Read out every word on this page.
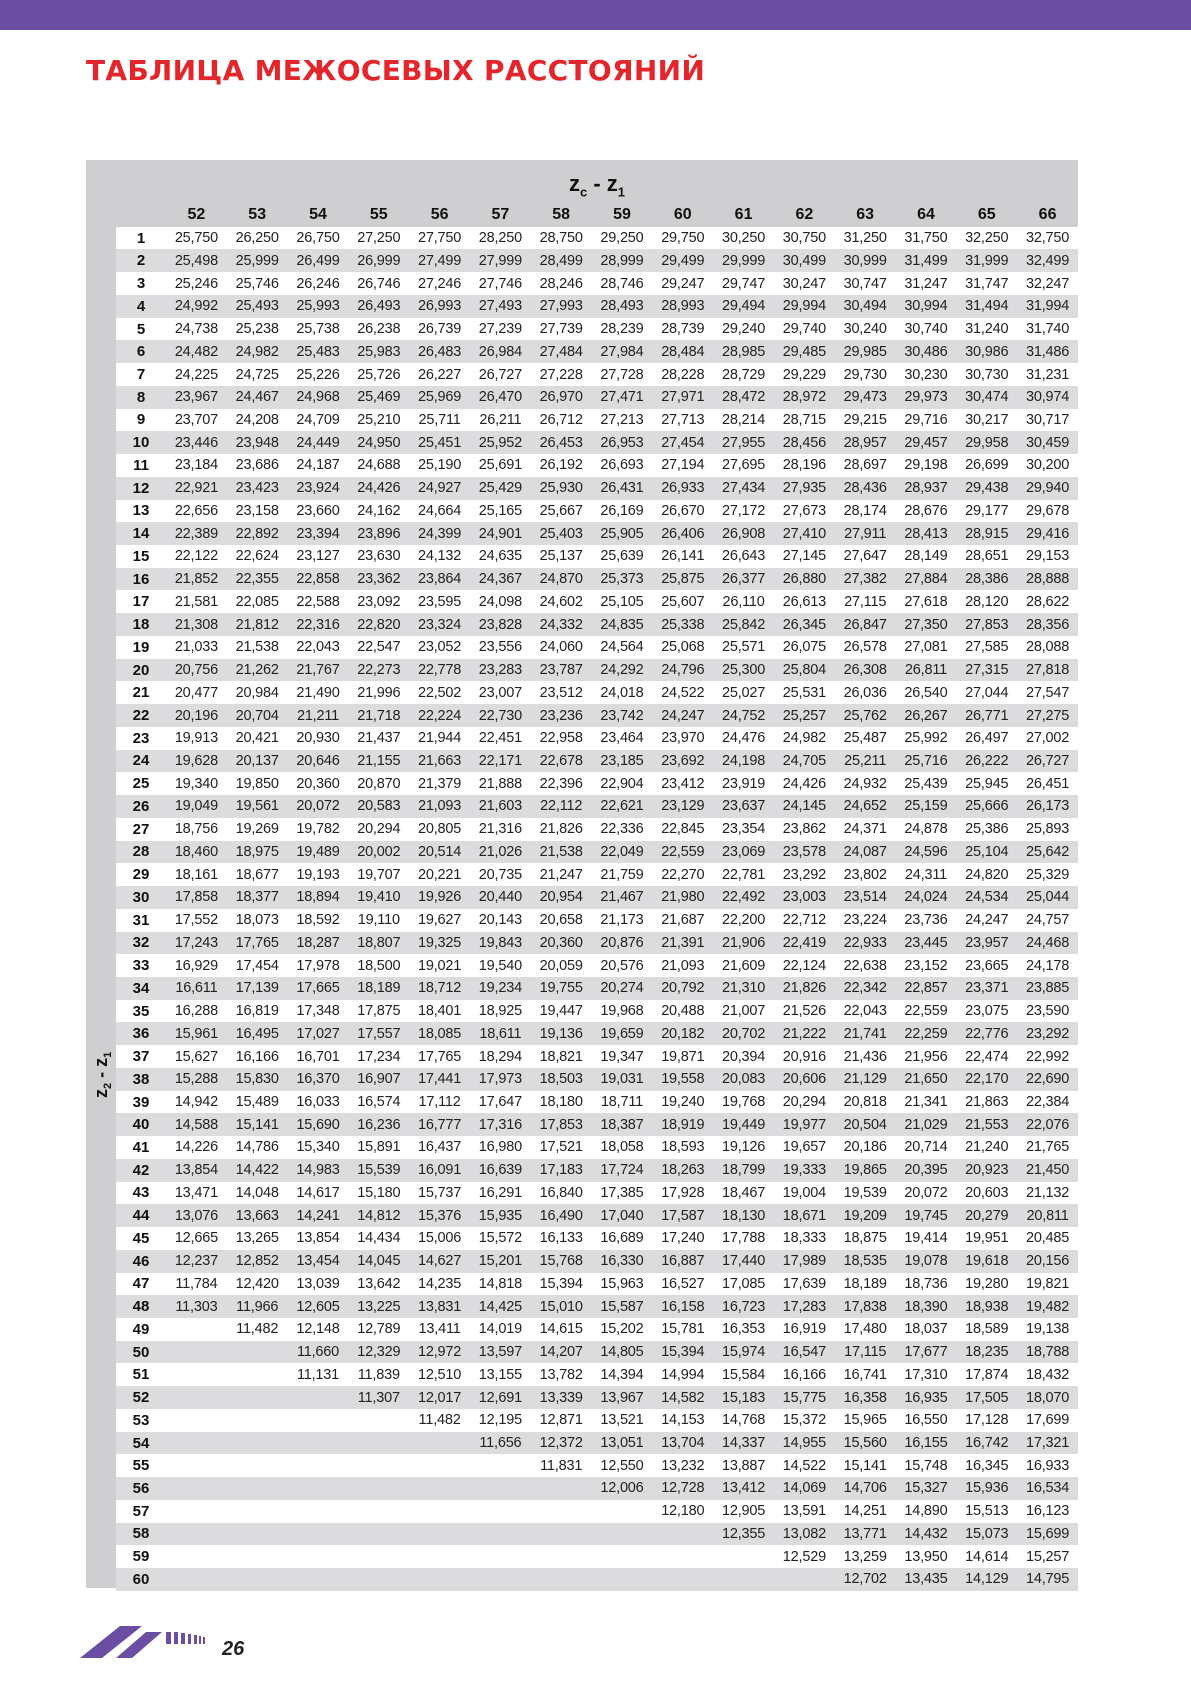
ТАБЛИЦА МЕЖОСЕВЫХ РАССТОЯНИЙ
$z_2 - z_1$
$z_c - z_1$
	52	53	54	55	56	57	58	59	60	61	62	63	64	65	66
1	25,750	26,250	26,750	27,250	27,750	28,250	28,750	29,250	29,750	30,250	30,750	31,250	31,750	32,250	32,750
2	25,498	25,999	26,499	26,999	27,499	27,999	28,499	28,999	29,499	29,999	30,499	30,999	31,499	31,999	32,499
3	25,246	25,746	26,246	26,746	27,246	27,746	28,246	28,746	29,247	29,747	30,247	30,747	31,247	31,747	32,247
4	24,992	25,493	25,993	26,493	26,993	27,493	27,993	28,493	28,993	29,494	29,994	30,494	30,994	31,494	31,994
5	24,738	25,238	25,738	26,238	26,739	27,239	27,739	28,239	28,739	29,240	29,740	30,240	30,740	31,240	31,740
6	24,482	24,982	25,483	25,983	26,483	26,984	27,484	27,984	28,484	28,985	29,485	29,985	30,486	30,986	31,486
7	24,225	24,725	25,226	25,726	26,227	26,727	27,228	27,728	28,228	28,729	29,229	29,730	30,230	30,730	31,231
8	23,967	24,467	24,968	25,469	25,969	26,470	26,970	27,471	27,971	28,472	28,972	29,473	29,973	30,474	30,974
9	23,707	24,208	24,709	25,210	25,711	26,211	26,712	27,213	27,713	28,214	28,715	29,215	29,716	30,217	30,717
10	23,446	23,948	24,449	24,950	25,451	25,952	26,453	26,953	27,454	27,955	28,456	28,957	29,457	29,958	30,459
11	23,184	23,686	24,187	24,688	25,190	25,691	26,192	26,693	27,194	27,695	28,196	28,697	29,198	26,699	30,200
12	22,921	23,423	23,924	24,426	24,927	25,429	25,930	26,431	26,933	27,434	27,935	28,436	28,937	29,438	29,940
13	22,656	23,158	23,660	24,162	24,664	25,165	25,667	26,169	26,670	27,172	27,673	28,174	28,676	29,177	29,678
14	22,389	22,892	23,394	23,896	24,399	24,901	25,403	25,905	26,406	26,908	27,410	27,911	28,413	28,915	29,416
15	22,122	22,624	23,127	23,630	24,132	24,635	25,137	25,639	26,141	26,643	27,145	27,647	28,149	28,651	29,153
16	21,852	22,355	22,858	23,362	23,864	24,367	24,870	25,373	25,875	26,377	26,880	27,382	27,884	28,386	28,888
17	21,581	22,085	22,588	23,092	23,595	24,098	24,602	25,105	25,607	26,110	26,613	27,115	27,618	28,120	28,622
18	21,308	21,812	22,316	22,820	23,324	23,828	24,332	24,835	25,338	25,842	26,345	26,847	27,350	27,853	28,356
19	21,033	21,538	22,043	22,547	23,052	23,556	24,060	24,564	25,068	25,571	26,075	26,578	27,081	27,585	28,088
20	20,756	21,262	21,767	22,273	22,778	23,283	23,787	24,292	24,796	25,300	25,804	26,308	26,811	27,315	27,818
21	20,477	20,984	21,490	21,996	22,502	23,007	23,512	24,018	24,522	25,027	25,531	26,036	26,540	27,044	27,547
22	20,196	20,704	21,211	21,718	22,224	22,730	23,236	23,742	24,247	24,752	25,257	25,762	26,267	26,771	27,275
23	19,913	20,421	20,930	21,437	21,944	22,451	22,958	23,464	23,970	24,476	24,982	25,487	25,992	26,497	27,002
24	19,628	20,137	20,646	21,155	21,663	22,171	22,678	23,185	23,692	24,198	24,705	25,211	25,716	26,222	26,727
25	19,340	19,850	20,360	20,870	21,379	21,888	22,396	22,904	23,412	23,919	24,426	24,932	25,439	25,945	26,451
26	19,049	19,561	20,072	20,583	21,093	21,603	22,112	22,621	23,129	23,637	24,145	24,652	25,159	25,666	26,173
27	18,756	19,269	19,782	20,294	20,805	21,316	21,826	22,336	22,845	23,354	23,862	24,371	24,878	25,386	25,893
28	18,460	18,975	19,489	20,002	20,514	21,026	21,538	22,049	22,559	23,069	23,578	24,087	24,596	25,104	25,642
29	18,161	18,677	19,193	19,707	20,221	20,735	21,247	21,759	22,270	22,781	23,292	23,802	24,311	24,820	25,329
30	17,858	18,377	18,894	19,410	19,926	20,440	20,954	21,467	21,980	22,492	23,003	23,514	24,024	24,534	25,044
31	17,552	18,073	18,592	19,110	19,627	20,143	20,658	21,173	21,687	22,200	22,712	23,224	23,736	24,247	24,757
32	17,243	17,765	18,287	18,807	19,325	19,843	20,360	20,876	21,391	21,906	22,419	22,933	23,445	23,957	24,468
33	16,929	17,454	17,978	18,500	19,021	19,540	20,059	20,576	21,093	21,609	22,124	22,638	23,152	23,665	24,178
34	16,611	17,139	17,665	18,189	18,712	19,234	19,755	20,274	20,792	21,310	21,826	22,342	22,857	23,371	23,885
35	16,288	16,819	17,348	17,875	18,401	18,925	19,447	19,968	20,488	21,007	21,526	22,043	22,559	23,075	23,590
36	15,961	16,495	17,027	17,557	18,085	18,611	19,136	19,659	20,182	20,702	21,222	21,741	22,259	22,776	23,292
37	15,627	16,166	16,701	17,234	17,765	18,294	18,821	19,347	19,871	20,394	20,916	21,436	21,956	22,474	22,992
38	15,288	15,830	16,370	16,907	17,441	17,973	18,503	19,031	19,558	20,083	20,606	21,129	21,650	22,170	22,690
39	14,942	15,489	16,033	16,574	17,112	17,647	18,180	18,711	19,240	19,768	20,294	20,818	21,341	21,863	22,384
40	14,588	15,141	15,690	16,236	16,777	17,316	17,853	18,387	18,919	19,449	19,977	20,504	21,029	21,553	22,076
41	14,226	14,786	15,340	15,891	16,437	16,980	17,521	18,058	18,593	19,126	19,657	20,186	20,714	21,240	21,765
42	13,854	14,422	14,983	15,539	16,091	16,639	17,183	17,724	18,263	18,799	19,333	19,865	20,395	20,923	21,450
43	13,471	14,048	14,617	15,180	15,737	16,291	16,840	17,385	17,928	18,467	19,004	19,539	20,072	20,603	21,132
44	13,076	13,663	14,241	14,812	15,376	15,935	16,490	17,040	17,587	18,130	18,671	19,209	19,745	20,279	20,811
45	12,665	13,265	13,854	14,434	15,006	15,572	16,133	16,689	17,240	17,788	18,333	18,875	19,414	19,951	20,485
46	12,237	12,852	13,454	14,045	14,627	15,201	15,768	16,330	16,887	17,440	17,989	18,535	19,078	19,618	20,156
47	11,784	12,420	13,039	13,642	14,235	14,818	15,394	15,963	16,527	17,085	17,639	18,189	18,736	19,280	19,821
48	11,303	11,966	12,605	13,225	13,831	14,425	15,010	15,587	16,158	16,723	17,283	17,838	18,390	18,938	19,482
49		11,482	12,148	12,789	13,411	14,019	14,615	15,202	15,781	16,353	16,919	17,480	18,037	18,589	19,138
50			11,660	12,329	12,972	13,597	14,207	14,805	15,394	15,974	16,547	17,115	17,677	18,235	18,788
51			11,131	11,839	12,510	13,155	13,782	14,394	14,994	15,584	16,166	16,741	17,310	17,874	18,432
52				11,307	12,017	12,691	13,339	13,967	14,582	15,183	15,775	16,358	16,935	17,505	18,070
53					11,482	12,195	12,871	13,521	14,153	14,768	15,372	15,965	16,550	17,128	17,699
54						11,656	12,372	13,051	13,704	14,337	14,955	15,560	16,155	16,742	17,321
55							11,831	12,550	13,232	13,887	14,522	15,141	15,748	16,345	16,933
56								12,006	12,728	13,412	14,069	14,706	15,327	15,936	16,534
57									12,180	12,905	13,591	14,251	14,890	15,513	16,123
58										12,355	13,082	13,771	14,432	15,073	15,699
59											12,529	13,259	13,950	14,614	15,257
60												12,702	13,435	14,129	14,795
26
